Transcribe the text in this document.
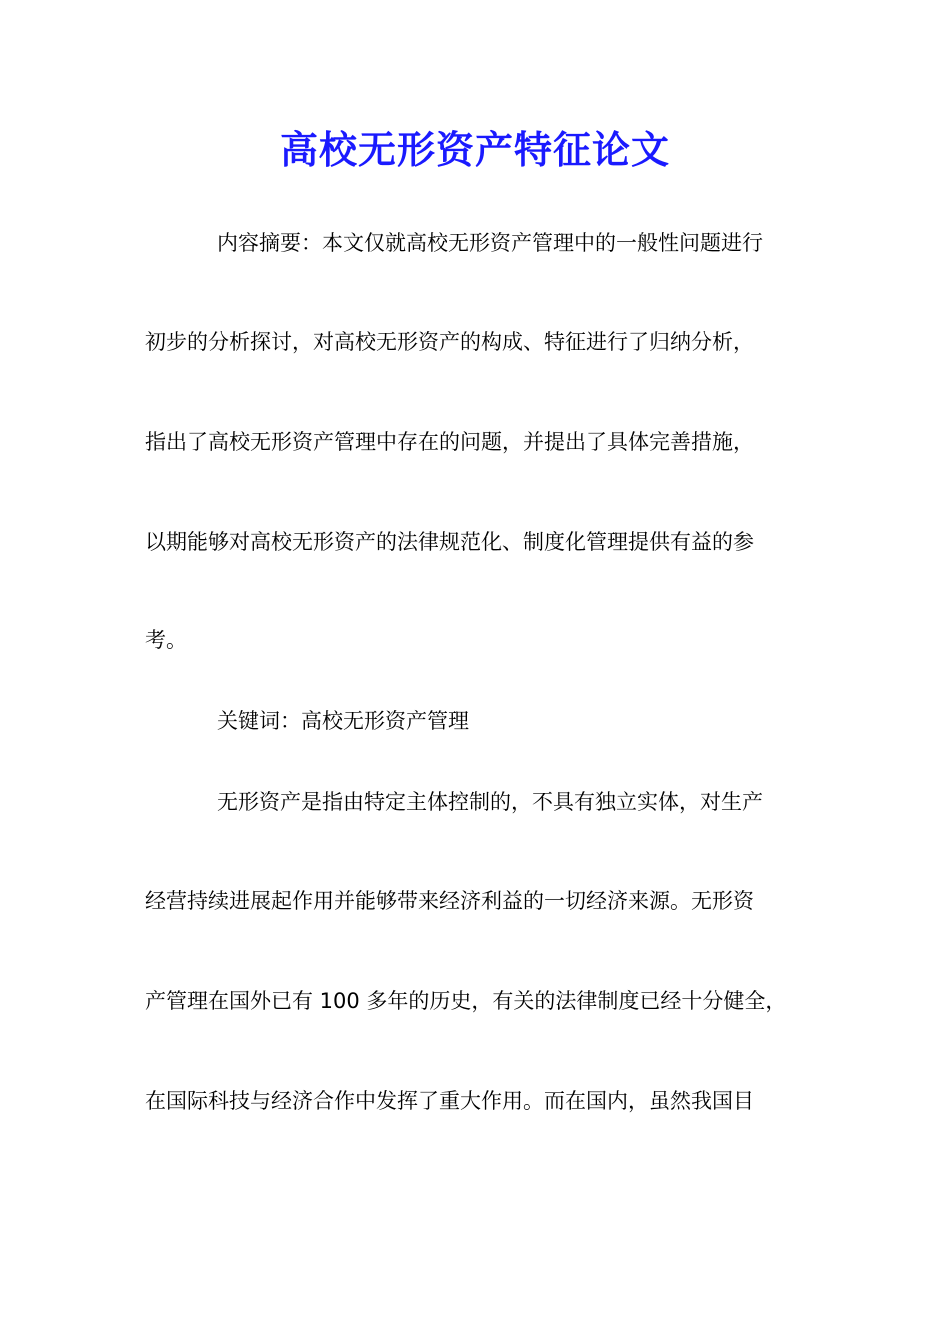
高校无形资产特征论文
内容摘要：本文仅就高校无形资产管理中的一般性问题进行
初步的分析探讨，对高校无形资产的构成、特征进行了归纳分析，
指出了高校无形资产管理中存在的问题，并提出了具体完善措施，
以期能够对高校无形资产的法律规范化、制度化管理提供有益的参
考。
关键词：高校无形资产管理
无形资产是指由特定主体控制的，不具有独立实体，对生产
经营持续进展起作用并能够带来经济利益的一切经济来源。无形资
产管理在国外已有 100 多年的历史，有关的法律制度已经十分健全，
在国际科技与经济合作中发挥了重大作用。而在国内，虽然我国目
